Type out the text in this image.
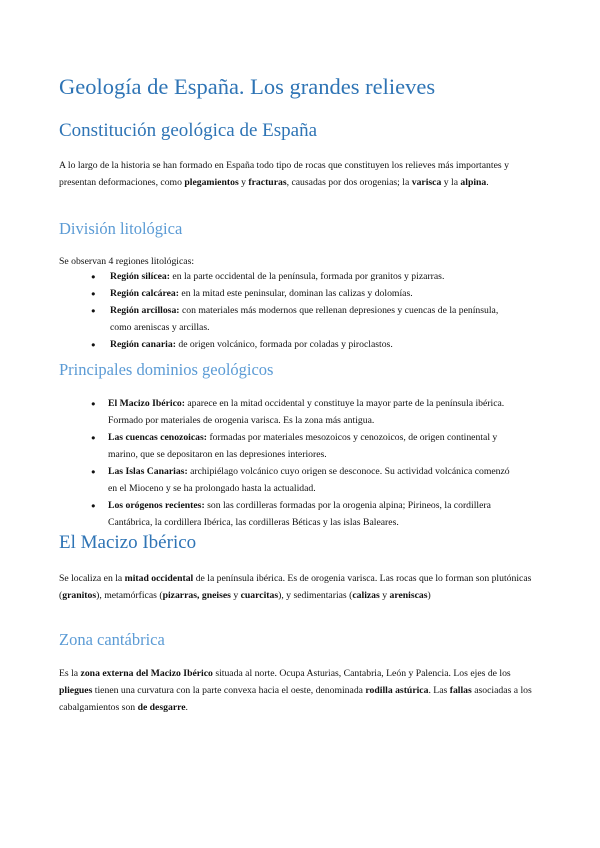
Geología de España. Los grandes relieves
Constitución geológica de España

A lo largo de la historia se han formado en España todo tipo de rocas que constituyen los relieves más importantes y presentan deformaciones, como plegamientos y fracturas, causadas por dos orogenias; la varisca y la alpina.

División litológica

Se observan 4 regiones litológicas:

● Región silícea: en la parte occidental de la península, formada por granitos y pizarras.
● Región calcárea: en la mitad este peninsular, dominan las calizas y dolomías.
● Región arcillosa: con materiales más modernos que rellenan depresiones y cuencas de la península, como areniscas y arcillas.
● Región canaria: de origen volcánico, formada por coladas y piroclastos.
Principales dominios geológicos
● El Macizo Ibérico: aparece en la mitad occidental y constituye la mayor parte de la península ibérica. Formado por materiales de orogenia varisca. Es la zona más antigua.
● Las cuencas cenozoicas: formadas por materiales mesozoicos y cenozoicos, de origen continental y marino, que se depositaron en las depresiones interiores.
● Las Islas Canarias: archipiélago volcánico cuyo origen se desconoce. Su actividad volcánica comenzó en el Mioceno y se ha prolongado hasta la actualidad.
● Los orógenos recientes: son las cordilleras formadas por la orogenia alpina; Pirineos, la cordillera Cantábrica, la cordillera Ibérica, las cordilleras Béticas y las islas Baleares.
El Macizo Ibérico

Se localiza en la mitad occidental de la península ibérica. Es de orogenia varisca. Las rocas que lo forman son plutónicas (granitos), metamórficas (pizarras, gneises y cuarcitas), y sedimentarias (calizas y areniscas)

Zona cantábrica

Es la zona externa del Macizo Ibérico situada al norte. Ocupa Asturias, Cantabria, León y Palencia. Los ejes de los pliegues tienen una curvatura con la parte convexa hacia el oeste, denominada rodilla astúrica. Las fallas asociadas a los cabalgamientos son de desgarre.
